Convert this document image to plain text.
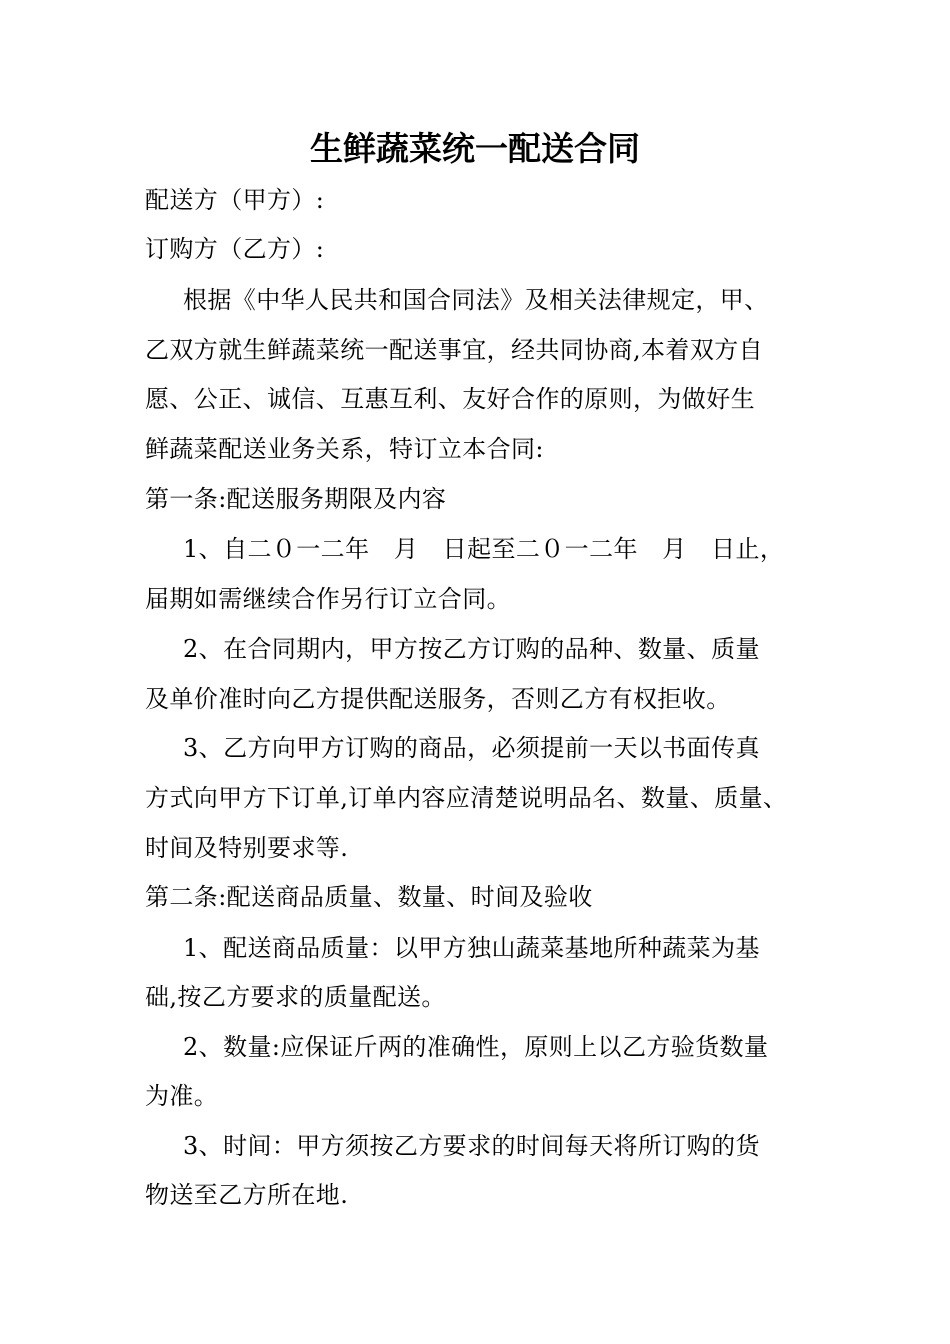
生鲜蔬菜统一配送合同
配送方（甲方）:
订购方（乙方）:
根据《中华人民共和国合同法》及相关法律规定，甲、
乙双方就生鲜蔬菜统一配送事宜，经共同协商,本着双方自
愿、公正、诚信、互惠互利、友好合作的原则，为做好生
鲜蔬菜配送业务关系，特订立本合同:
第一条:配送服务期限及内容
1、自二０一二年　月　日起至二０一二年　月　日止，
届期如需继续合作另行订立合同。
2、在合同期内，甲方按乙方订购的品种、数量、质量
及单价准时向乙方提供配送服务，否则乙方有权拒收。
3、乙方向甲方订购的商品，必须提前一天以书面传真
方式向甲方下订单,订单内容应清楚说明品名、数量、质量、
时间及特别要求等.
第二条:配送商品质量、数量、时间及验收
1、配送商品质量：以甲方独山蔬菜基地所种蔬菜为基
础,按乙方要求的质量配送。
2、数量:应保证斤两的准确性，原则上以乙方验货数量
为准。
3、时间：甲方须按乙方要求的时间每天将所订购的货
物送至乙方所在地.
